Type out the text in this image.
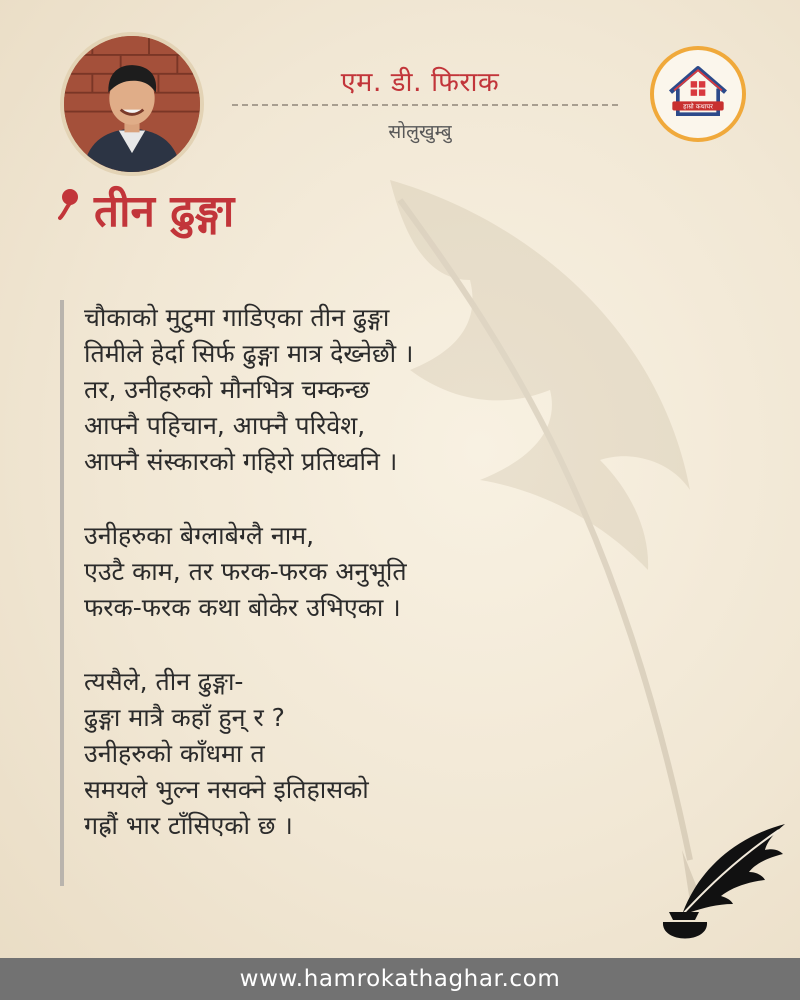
एम. डी. फिराक
सोलुखुम्बु
हाम्रो कथाघर
तीन ढुङ्गा
चौकाको मुटुमा गाडिएका तीन ढुङ्गा
तिमीले हेर्दा सिर्फ ढुङ्गा मात्र देख्नेछौ ।
तर, उनीहरुको मौनभित्र चम्कन्छ
आफ्नै पहिचान, आफ्नै परिवेश,
आफ्नै संस्कारको गहिरो प्रतिध्वनि ।
उनीहरुका बेग्लाबेग्लै नाम,
एउटै काम, तर फरक-फरक अनुभूति
फरक-फरक कथा बोकेर उभिएका ।
त्यसैले, तीन ढुङ्गा-
ढुङ्गा मात्रै कहाँ हुन् र ?
उनीहरुको काँधमा त
समयले भुल्न नसक्ने इतिहासको
गह्रौं भार टाँसिएको छ ।
www.hamrokathaghar.com
